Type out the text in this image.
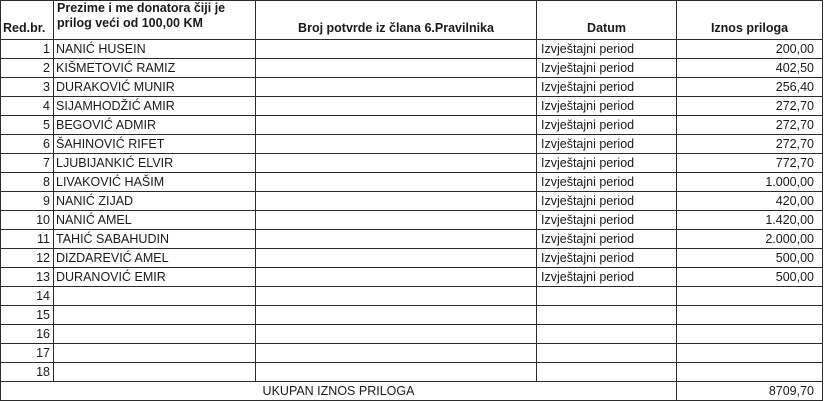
Red.br.	Prezime i me donatora čiji je prilog veći od 100,00 KM	Broj potvrde iz člana 6.Pravilnika	Datum	Iznos priloga
1	NANIĆ HUSEIN		Izvještajni period	200,00
2	KIŠMETOVIĆ RAMIZ		Izvještajni period	402,50
3	DURAKOVIĆ MUNIR		Izvještajni period	256,40
4	SIJAMHODŽIĆ AMIR		Izvještajni period	272,70
5	BEGOVIĆ ADMIR		Izvještajni period	272,70
6	ŠAHINOVIĆ RIFET		Izvještajni period	272,70
7	LJUBIJANKIĆ ELVIR		Izvještajni period	772,70
8	LIVAKOVIĆ HAŠIM		Izvještajni period	1.000,00
9	NANIĆ ZIJAD		Izvještajni period	420,00
10	NANIĆ AMEL		Izvještajni period	1.420,00
11	TAHIĆ SABAHUDIN		Izvještajni period	2.000,00
12	DIZDAREVIĆ AMEL		Izvještajni period	500,00
13	DURANOVIĆ EMIR		Izvještajni period	500,00
14				
15				
16				
17				
18				
UKUPAN IZNOS PRILOGA				8709,70
